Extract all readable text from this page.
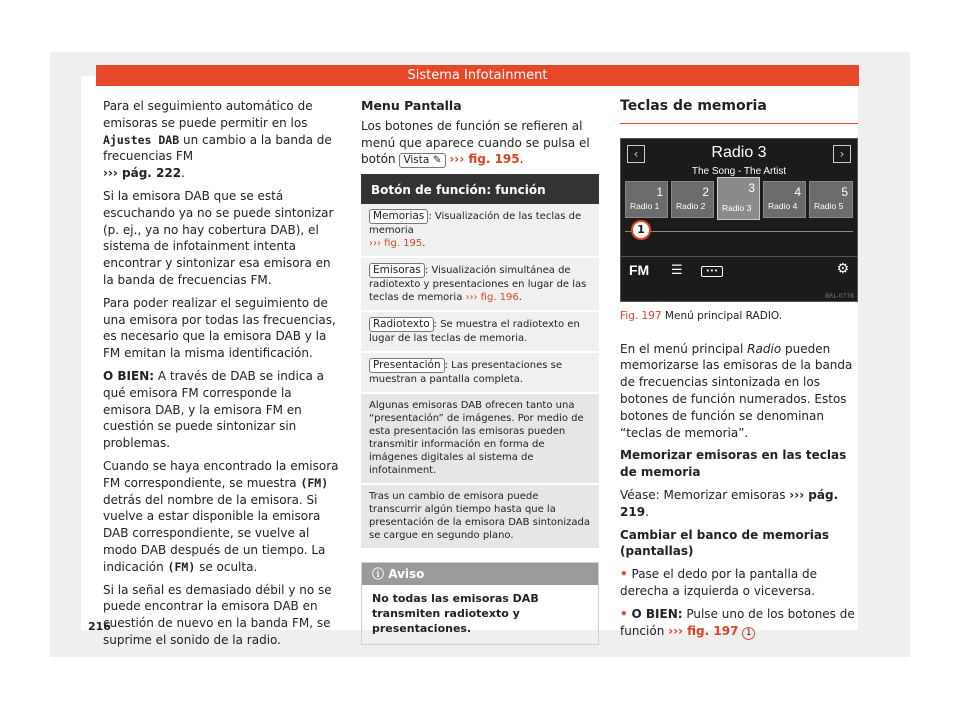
Sistema Infotainment

Para el seguimiento automático de emisoras se puede permitir en los Ajustes DAB un cambio a la banda de frecuencias FM
››› pág. 222.

Si la emisora DAB que se está escuchando ya no se puede sintonizar (p. ej., ya no hay cobertura DAB), el sistema de infotainment intenta encontrar y sintonizar esa emisora en la banda de frecuencias FM.

Para poder realizar el seguimiento de una emisora por todas las frecuencias, es necesario que la emisora DAB y la FM emitan la misma identificación.

O BIEN: A través de DAB se indica a qué emisora FM corresponde la emisora DAB, y la emisora FM en cuestión se puede sintonizar sin problemas.

Cuando se haya encontrado la emisora FM correspondiente, se muestra (FM) detrás del nombre de la emisora. Si vuelve a estar disponible la emisora DAB correspondiente, se vuelve al modo DAB después de un tiempo. La indicación (FM) se oculta.

Si la señal es demasiado débil y no se puede encontrar la emisora DAB en cuestión de nuevo en la banda FM, se suprime el sonido de la radio.

Menu Pantalla

Los botones de función se refieren al menú que aparece cuando se pulsa el botón Vista ✎ ››› fig. 195.

Botón de función: función
Memorias : Visualización de las teclas de memoria
››› fig. 195.
Emisoras : Visualización simultánea de radiotexto y presentaciones en lugar de las teclas de memoria ››› fig. 196.
Radiotexto : Se muestra el radiotexto en lugar de las teclas de memoria.
Presentación : Las presentaciones se muestran a pantalla completa.
Algunas emisoras DAB ofrecen tanto una “presentación” de imágenes. Por medio de esta presentación las emisoras pueden transmitir información en forma de imágenes digitales al sistema de infotainment.
Tras un cambio de emisora puede transcurrir algún tiempo hasta que la presentación de la emisora DAB sintonizada se cargue en segundo plano.
ⓘ Aviso
No todas las emisoras DAB transmiten radiotexto y presentaciones.
Teclas de memoria
‹	›
Radio 3
The Song - The Artist
1
Radio 1
2
Radio 2
3
Radio 3
4
Radio 4
5
Radio 5
1
FM ☰	•••	⚙
BRL-0778
Fig. 197 Menú principal RADIO.

En el menú principal Radio pueden memorizarse las emisoras de la banda de frecuencias sintonizada en los botones de función numerados. Estos botones de función se denominan “teclas de memoria”.

Memorizar emisoras en las teclas de memoria

Véase: Memorizar emisoras ››› pág. 219.

Cambiar el banco de memorias (pantallas)

• Pase el dedo por la pantalla de derecha a izquierda o viceversa.

• O BIEN: Pulse uno de los botones de función ››› fig. 197 1

216
